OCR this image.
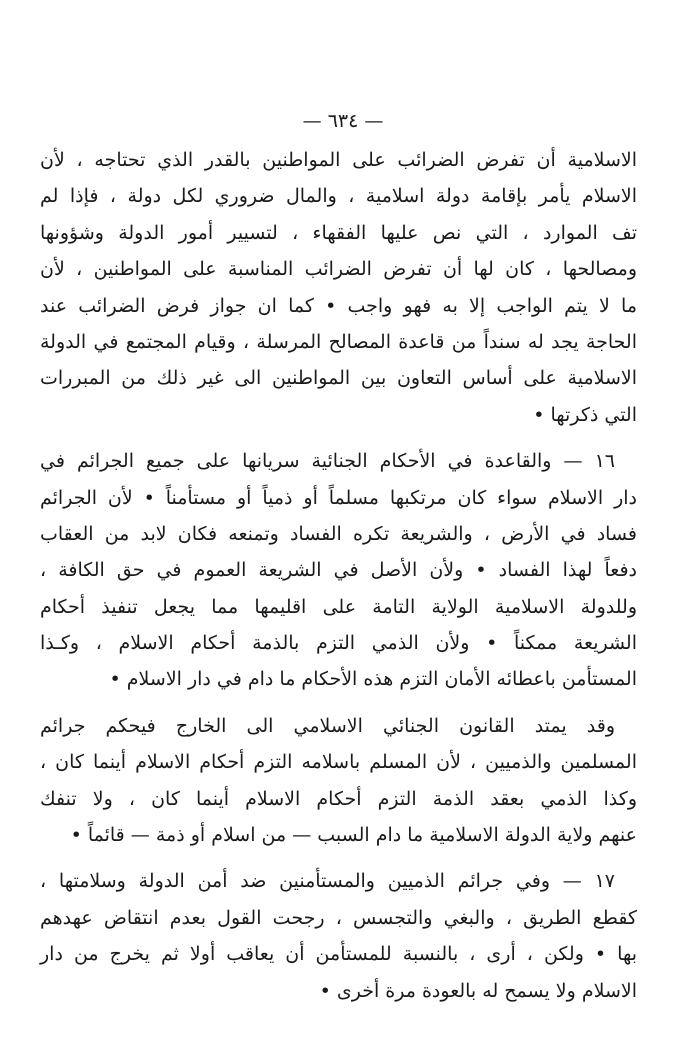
— ٦٣٤ —
الاسلامية أن تفرض الضرائب على المواطنين بالقدر الذي تحتاجه ، لأن
الاسلام يأمر بإقامة دولة اسلامية ، والمال ضروري لكل دولة ، فإذا لم
تف الموارد ، التي نص عليها الفقهاء ، لتسيير أمور الدولة وشؤونها
ومصالحها ، كان لها أن تفرض الضرائب المناسبة على المواطنين ، لأن
ما لا يتم الواجب إلا به فهو واجب • كما ان جواز فرض الضرائب عند
الحاجة يجد له سنداً من قاعدة المصالح المرسلة ، وقيام المجتمع في الدولة
الاسلامية على أساس التعاون بين المواطنين الى غير ذلك من المبررات
التي ذكرتها •
١٦ — والقاعدة في الأحكام الجنائية سريانها على جميع الجرائم في
دار الاسلام سواء كان مرتكبها مسلماً أو ذمياً أو مستأمناً • لأن الجرائم
فساد في الأرض ، والشريعة تكره الفساد وتمنعه فكان لابد من العقاب
دفعاً لهذا الفساد • ولأن الأصل في الشريعة العموم في حق الكافة ،
وللدولة الاسلامية الولاية التامة على اقليمها مما يجعل تنفيذ أحكام
الشريعة ممكناً • ولأن الذمي التزم بالذمة أحكام الاسلام ، وكـذا
المستأمن باعطائه الأمان التزم هذه الأحكام ما دام في دار الاسلام •
وقد يمتد القانون الجنائي الاسلامي الى الخارج فيحكم جرائم
المسلمين والذميين ، لأن المسلم باسلامه التزم أحكام الاسلام أينما كان ،
وكذا الذمي بعقد الذمة التزم أحكام الاسلام أينما كان ، ولا تنفك
عنهم ولاية الدولة الاسلامية ما دام السبب — من اسلام أو ذمة — قائماً •
١٧ — وفي جرائم الذميين والمستأمنين ضد أمن الدولة وسلامتها ،
كقطع الطريق ، والبغي والتجسس ، رجحت القول بعدم انتقاض عهدهم
بها • ولكن ، أرى ، بالنسبة للمستأمن أن يعاقب أولا ثم يخرج من دار
الاسلام ولا يسمح له بالعودة مرة أخرى •
